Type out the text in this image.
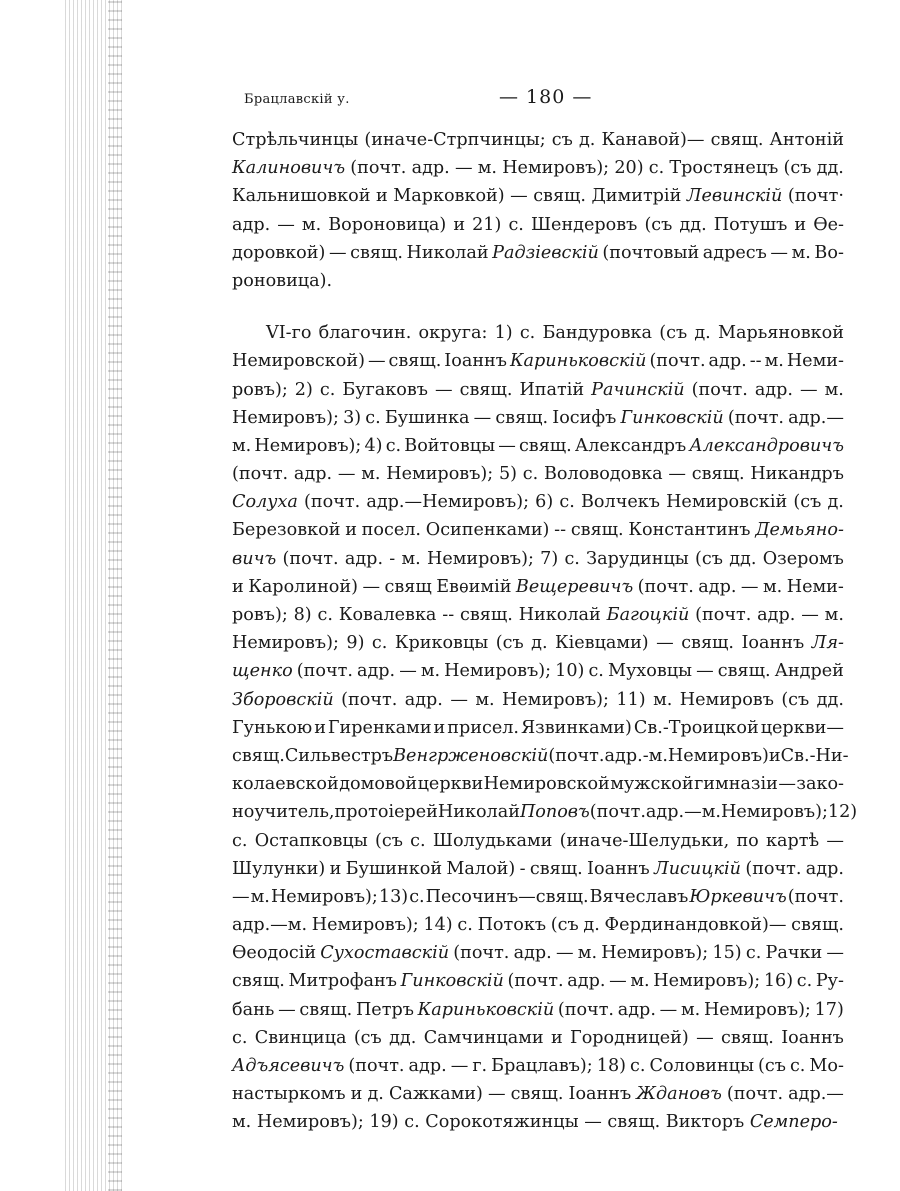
Брацлавскій у.	— 180 —
Стрѣльчинцы (иначе-Стрпчинцы; съ д. Канавой)— свящ. Антоній
Калиновичъ (почт. адр. — м. Немировъ); 20) с. Тростянецъ (съ дд.
Кальнишовкой и Марковкой) — свящ. Димитрій Левинскій (почт·
адр. — м. Вороновица) и 21) с. Шендеровъ (съ дд. Потушъ и Ѳе-
доровкой) — свящ. Николай Радзіевскій (почтовый адресъ — м. Во-
роновица).
VI-го благочин. округа: 1) с. Бандуровка (съ д. Марьяновкой
Немировской) — свящ. Іоаннъ Кариньковскій (почт. адр. -- м. Неми-
ровъ); 2) с. Бугаковъ — свящ. Ипатій Рачинскій (почт. адр. — м.
Немировъ); 3) с. Бушинка — свящ. Іосифъ Гинковскій (почт. адр.—
м. Немировъ); 4) с. Войтовцы — свящ. Александръ Александровичъ
(почт. адр. — м. Немировъ); 5) с. Воловодовка — свящ. Никандръ
Солуха (почт. адр.—Немировъ); 6) с. Волчекъ Немировскій (съ д.
Березовкой и посел. Осипенками) -- свящ. Константинъ Демьяно-
вичъ (почт. адр. - м. Немировъ); 7) с. Зарудинцы (съ дд. Озеромъ
и Каролиной) — свящ Евѳимій Вещеревичъ (почт. адр. — м. Неми-
ровъ); 8) с. Ковалевка -- свящ. Николай Багоцкій (почт. адр. — м.
Немировъ); 9) с. Криковцы (съ д. Кіевцами) — свящ. Іоаннъ Ля-
щенко (почт. адр. — м. Немировъ); 10) с. Муховцы — свящ. Андрей
Зборовскій (почт. адр. — м. Немировъ); 11) м. Немировъ (съ дд.
Гунькою и Гиренками и присел. Язвинками) Св.-Троицкой церкви—
свящ. Сильвестръ Венгрженовскій (почт. адр. -м. Немировъ) и Св.-Ни-
колаевской домовой церкви Немировской мужской гимназіи — зако-
ноучитель, протоіерей Николай Поповъ (почт. адр. — м. Немировъ); 12)
с. Остапковцы (съ с. Шолудьками (иначе-Шелудьки, по картѣ —
Шулунки) и Бушинкой Малой) - свящ. Іоаннъ Лисицкій (почт. адр.
— м. Немировъ); 13) с. Песочинъ—свящ. Вячеславъ Юркевичъ (почт.
адр.—м. Немировъ); 14) с. Потокъ (съ д. Фердинандовкой)— свящ.
Ѳеодосій Сухоставскій (почт. адр. — м. Немировъ); 15) с. Рачки —
свящ. Митрофанъ Гинковскій (почт. адр. — м. Немировъ); 16) с. Ру-
бань — свящ. Петръ Кариньковскій (почт. адр. — м. Немировъ); 17)
с. Свинцица (съ дд. Самчинцами и Городницей) — свящ. Іоаннъ
Адъясевичъ (почт. адр. — г. Брацлавъ); 18) с. Соловинцы (съ с. Мо-
настыркомъ и д. Сажками) — свящ. Іоаннъ Ждановъ (почт. адр.—
м.
Немировъ);
19)
с.
Сорокотяжинцы
—
свящ.
Викторъ
Семперо-
